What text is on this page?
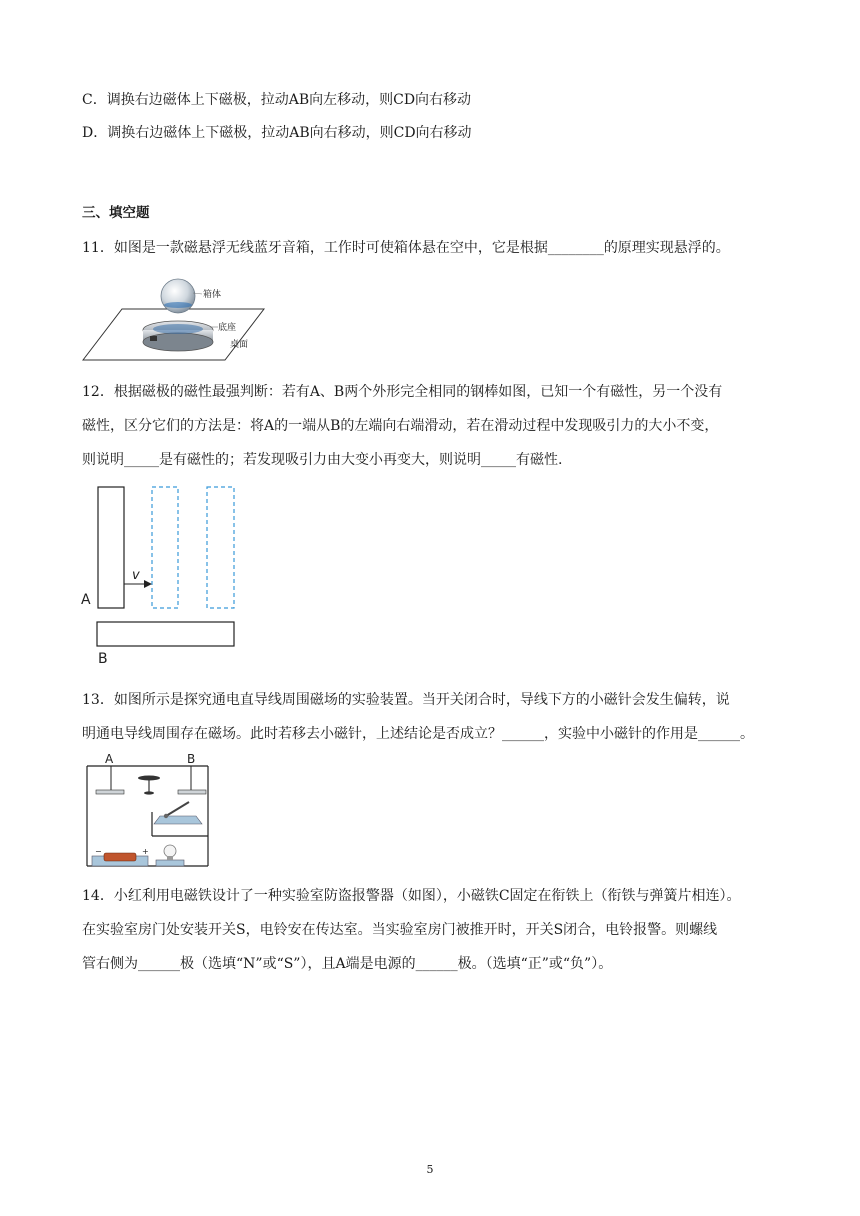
C．调换右边磁体上下磁极，拉动AB向左移动，则CD向右移动
D．调换右边磁体上下磁极，拉动AB向右移动，则CD向右移动
三、填空题
11．如图是一款磁悬浮无线蓝牙音箱，工作时可使箱体悬在空中，它是根据________的原理实现悬浮的。
箱体
底座
桌面
12．根据磁极的磁性最强判断：若有A、B两个外形完全相同的钢棒如图，已知一个有磁性，另一个没有
磁性，区分它们的方法是：将A的一端从B的左端向右端滑动，若在滑动过程中发现吸引力的大小不变，
则说明_____是有磁性的；若发现吸引力由大变小再变大，则说明_____有磁性.
v
A
B
13．如图所示是探究通电直导线周围磁场的实验装置。当开关闭合时，导线下方的小磁针会发生偏转，说
明通电导线周围存在磁场。此时若移去小磁针，上述结论是否成立？______，实验中小磁针的作用是______。
A	B
−	+
14．小红利用电磁铁设计了一种实验室防盗报警器（如图），小磁铁C固定在衔铁上（衔铁与弹簧片相连）。
在实验室房门处安装开关S，电铃安在传达室。当实验室房门被推开时，开关S闭合，电铃报警。则螺线
管右侧为______极（选填“N”或“S”），且A端是电源的______极。（选填“正”或“负”）。
5
